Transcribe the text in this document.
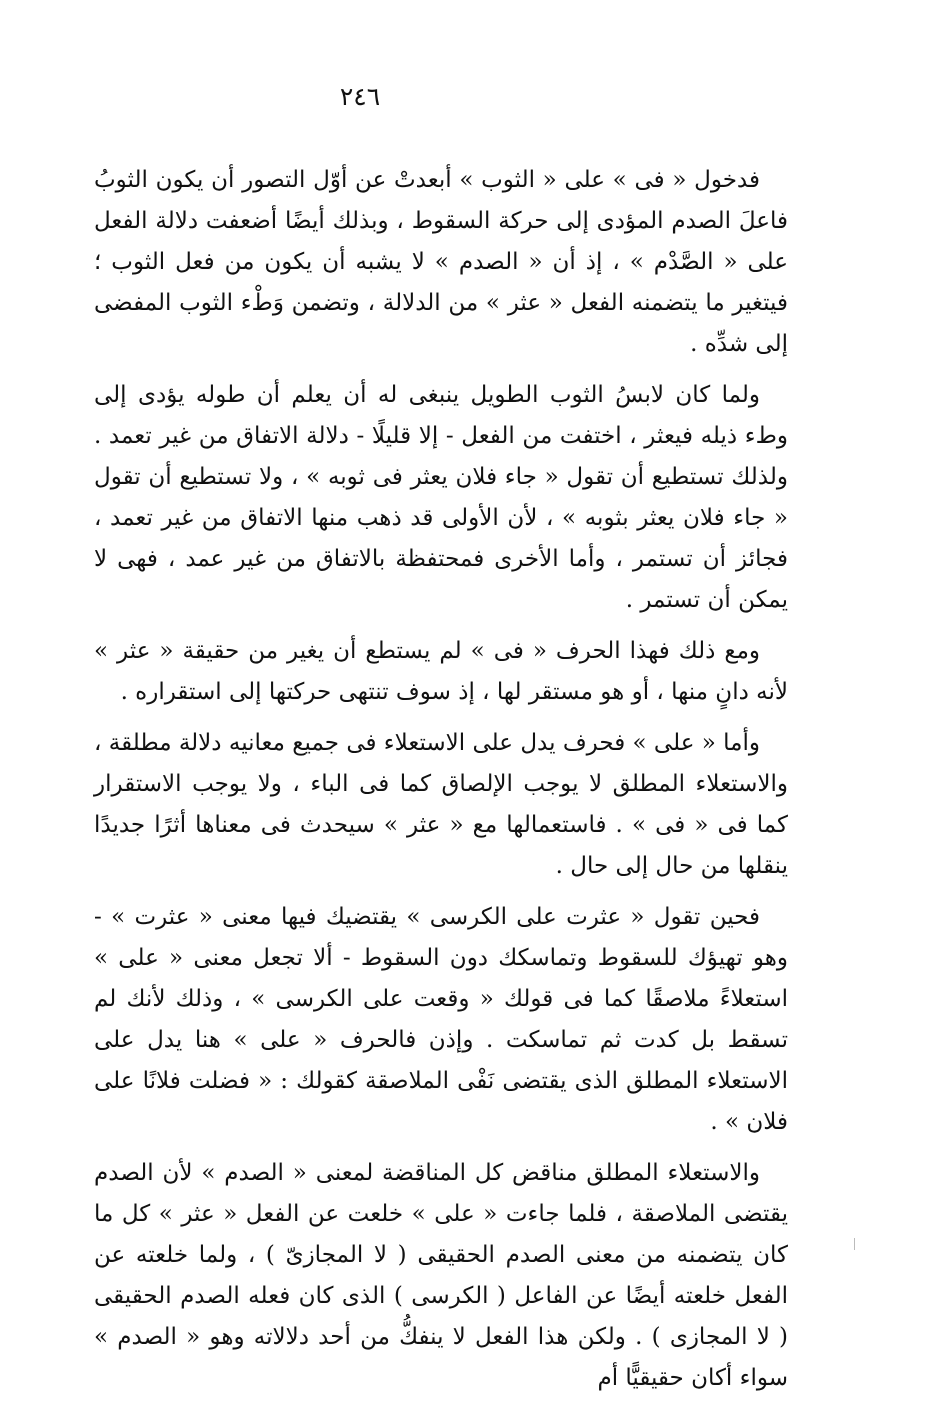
٢٤٦

فدخول « فى » على « الثوب » أبعدتْ عن أوّل التصور أن يكون الثوبُ فاعلَ الصدم المؤدى إلى حركة السقوط ، وبذلك أيضًا أضعفت دلالة الفعل على « الصَّدْم » ، إذ أن « الصدم » لا يشبه أن يكون من فعل الثوب ؛ فيتغير ما يتضمنه الفعل « عثر » من الدلالة ، وتضمن وَطْء الثوب المفضى إلى شدِّه .

ولما كان لابسُ الثوب الطويل ينبغى له أن يعلم أن طوله يؤدى إلى وطء ذيله فيعثر ، اختفت من الفعل - إلا قليلًا - دلالة الاتفاق من غير تعمد . ولذلك تستطيع أن تقول « جاء فلان يعثر فى ثوبه » ، ولا تستطيع أن تقول « جاء فلان يعثر بثوبه » ، لأن الأولى قد ذهب منها الاتفاق من غير تعمد ، فجائز أن تستمر ، وأما الأخرى فمحتفظة بالاتفاق من غير عمد ، فهى لا يمكن أن تستمر .

ومع ذلك فهذا الحرف « فى » لم يستطع أن يغير من حقيقة « عثر » لأنه دانٍ منها ، أو هو مستقر لها ، إذ سوف تنتهى حركتها إلى استقراره .

وأما « على » فحرف يدل على الاستعلاء فى جميع معانيه دلالة مطلقة ، والاستعلاء المطلق لا يوجب الإلصاق كما فى الباء ، ولا يوجب الاستقرار كما فى « فى » . فاستعمالها مع « عثر » سيحدث فى معناها أثرًا جديدًا ينقلها من حال إلى حال .

فحين تقول « عثرت على الكرسى » يقتضيك فيها معنى « عثرت » - وهو تهيؤك للسقوط وتماسكك دون السقوط - ألا تجعل معنى « على » استعلاءً ملاصقًا كما فى قولك « وقعت على الكرسى » ، وذلك لأنك لم تسقط بل كدت ثم تماسكت . وإذن فالحرف « على » هنا يدل على الاستعلاء المطلق الذى يقتضى نَفْى الملاصقة كقولك : « فضلت فلانًا على فلان » .

والاستعلاء المطلق مناقض كل المناقضة لمعنى « الصدم » لأن الصدم يقتضى الملاصقة ، فلما جاءت « على » خلعت عن الفعل « عثر » كل ما كان يتضمنه من معنى الصدم الحقيقى ( لا المجازىّ ) ، ولما خلعته عن الفعل خلعته أيضًا عن الفاعل ( الكرسى ) الذى كان فعله الصدم الحقيقى ( لا المجازى ) . ولكن هذا الفعل لا ينفكُّ من أحد دلالاته وهو « الصدم » سواء أكان حقيقيًّا أم
